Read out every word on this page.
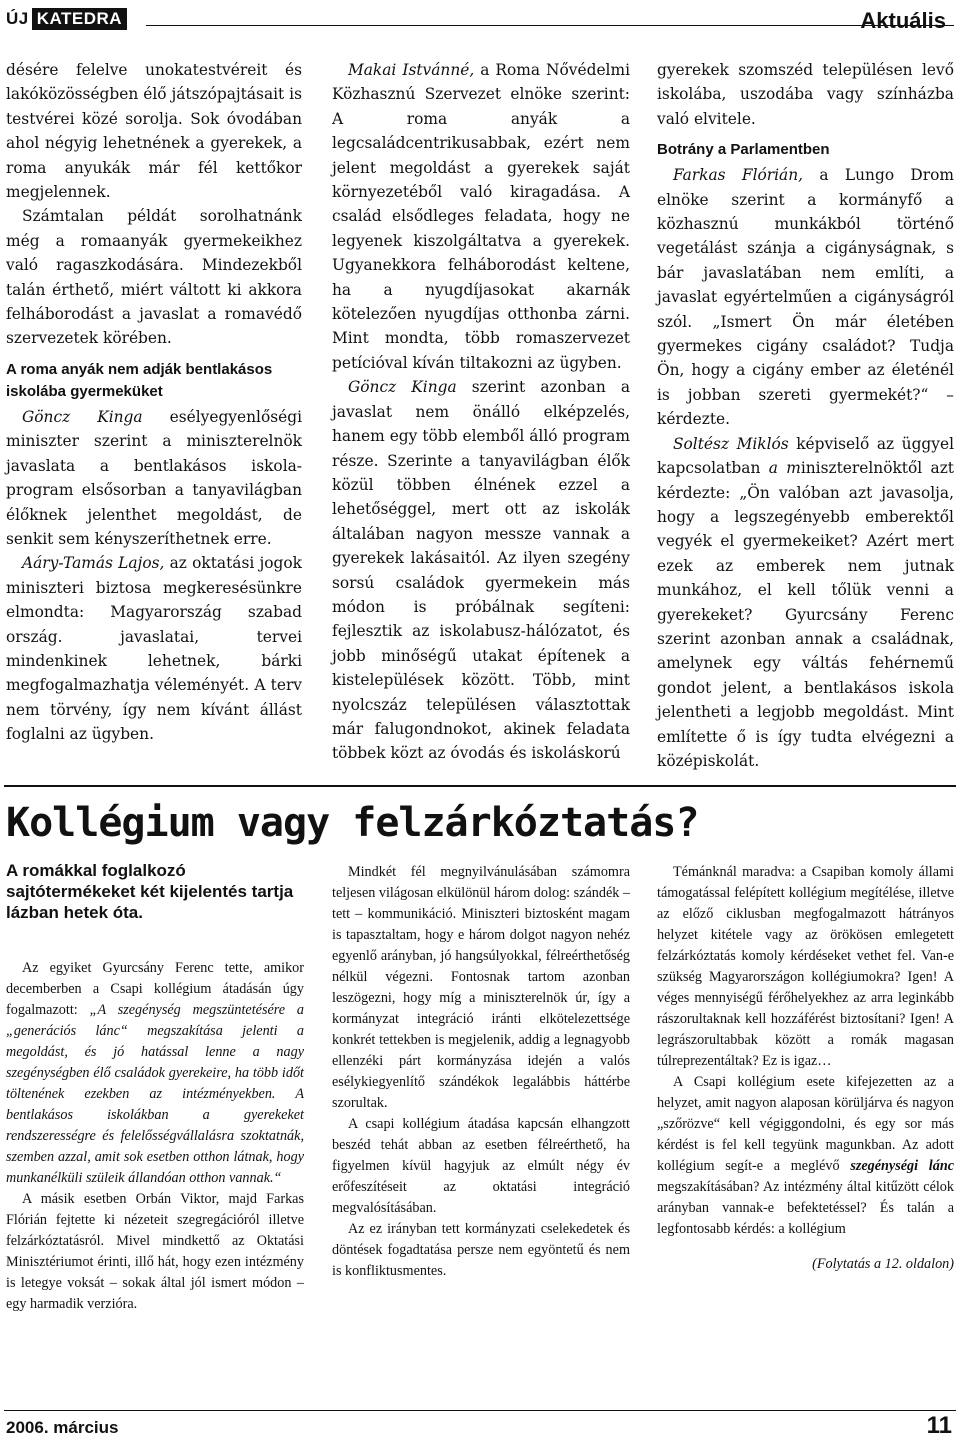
ÚJ KATEDRA	Aktuális

désére felelve unokatestvéreit és lakóközösségben élő játszópajtásait is testvérei közé sorolja. Sok óvodában ahol négyig lehetnének a gyerekek, a roma anyukák már fél kettőkor megjelennek.

Számtalan példát sorolhatnánk még a romaanyák gyermekeikhez való ragaszkodására. Mindezekből talán érthető, miért váltott ki akkora felháborodást a javaslat a romavédő szervezetek körében.

A roma anyák nem adják bentlakásos iskolába gyermeküket

Göncz Kinga esélyegyenlőségi miniszter szerint a miniszterelnök javaslata a bentlakásos iskola-program elsősorban a tanyavilágban élőknek jelenthet megoldást, de senkit sem kényszeríthetnek erre.

Aáry-Tamás Lajos, az oktatási jogok miniszteri biztosa megkeresésünkre elmondta: Magyarország szabad ország. javaslatai, tervei mindenkinek lehetnek, bárki megfogalmazhatja véleményét. A terv nem törvény, így nem kívánt állást foglalni az ügyben.

Makai Istvánné, a Roma Nővédelmi Közhasznú Szervezet elnöke szerint: A roma anyák a legcsaládcentrikusabbak, ezért nem jelent megoldást a gyerekek saját környezetéből való kiragadása. A család elsődleges feladata, hogy ne legyenek kiszolgáltatva a gyerekek. Ugyanekkora felháborodást keltene, ha a nyugdíjasokat akarnák kötelezően nyugdíjas otthonba zárni. Mint mondta, több romaszervezet petícióval kíván tiltakozni az ügyben.

Göncz Kinga szerint azonban a javaslat nem önálló elképzelés, hanem egy több elemből álló program része. Szerinte a tanyavilágban élők közül többen élnének ezzel a lehetőséggel, mert ott az iskolák általában nagyon messze vannak a gyerekek lakásaitól. Az ilyen szegény sorsú családok gyermekein más módon is próbálnak segíteni: fejlesztik az iskolabusz-hálózatot, és jobb minőségű utakat építenek a kistelepülések között. Több, mint nyolcszáz településen választottak már falugondnokot, akinek feladata többek közt az óvodás és iskoláskorú

gyerekek szomszéd településen levő iskolába, uszodába vagy színházba való elvitele.

Botrány a Parlamentben

Farkas Flórián, a Lungo Drom elnöke szerint a kormányfő a közhasznú munkákból történő vegetálást szánja a cigányságnak, s bár javaslatában nem említi, a javaslat egyértelműen a cigányságról szól. „Ismert Ön már életében gyermekes cigány családot? Tudja Ön, hogy a cigány ember az életénél is jobban szereti gyermekét?“ – kérdezte.

Soltész Miklós képviselő az üggyel kapcsolatban a miniszterelnöktől azt kérdezte: „Ön valóban azt javasolja, hogy a legszegényebb emberektől vegyék el gyermekeiket? Azért mert ezek az emberek nem jutnak munkához, el kell tőlük venni a gyerekeket? Gyurcsány Ferenc szerint azonban annak a családnak, amelynek egy váltás fehérnemű gondot jelent, a bentlakásos iskola jelentheti a legjobb megoldást. Mint említette ő is így tudta elvégezni a középiskolát.

Kollégium vagy felzárkóztatás?
A romákkal foglalkozó sajtótermékeket két kijelentés tartja lázban hetek óta.

Az egyiket Gyurcsány Ferenc tette, amikor decemberben a Csapi kollégium átadásán úgy fogalmazott: „A szegénység megszüntetésére a „generációs lánc“ megszakítása jelenti a megoldást, és jó hatással lenne a nagy szegénységben élő családok gyerekeire, ha több időt töltenének ezekben az intézményekben. A bentlakásos iskolákban a gyerekeket rendszerességre és felelősségvállalásra szoktatnák, szemben azzal, amit sok esetben otthon látnak, hogy munkanélküli szüleik állandóan otthon vannak.“

A másik esetben Orbán Viktor, majd Farkas Flórián fejtette ki nézeteit szegregációról illetve felzárkóztatásról. Mivel mindkettő az Oktatási Minisztériumot érinti, illő hát, hogy ezen intézmény is letegye voksát – sokak által jól ismert módon – egy harmadik verzióra.

Mindkét fél megnyilvánulásában számomra teljesen világosan elkülönül három dolog: szándék – tett – kommunikáció. Miniszteri biztosként magam is tapasztaltam, hogy e három dolgot nagyon nehéz egyenlő arányban, jó hangsúlyokkal, félreérthetőség nélkül végezni. Fontosnak tartom azonban leszögezni, hogy míg a miniszterelnök úr, így a kormányzat integráció iránti elkötelezettsége konkrét tettekben is megjelenik, addig a legnagyobb ellenzéki párt kormányzása idején a valós esélykiegyenlítő szándékok legalábbis háttérbe szorultak.

A csapi kollégium átadása kapcsán elhangzott beszéd tehát abban az esetben félreérthető, ha figyelmen kívül hagyjuk az elmúlt négy év erőfeszítéseit az oktatási integráció megvalósításában.

Az ez irányban tett kormányzati cselekedetek és döntések fogadtatása persze nem egyöntetű és nem is konfliktusmentes.

Témánknál maradva: a Csapiban komoly állami támogatással felépített kollégium megítélése, illetve az előző ciklusban megfogalmazott hátrányos helyzet kitétele vagy az örökösen emlegetett felzárkóztatás komoly kérdéseket vethet fel. Van-e szükség Magyarországon kollégiumokra? Igen! A véges mennyiségű férőhelyekhez az arra leginkább rászorultaknak kell hozzáférést biztosítani? Igen! A legrászorultabbak között a romák magasan túlreprezentáltak? Ez is igaz…

A Csapi kollégium esete kifejezetten az a helyzet, amit nagyon alaposan körüljárva és nagyon „szőrözve“ kell végiggondolni, és egy sor más kérdést is fel kell tegyünk magunkban. Az adott kollégium segít-e a meglévő szegénységi lánc megszakításában? Az intézmény által kitűzött célok arányban vannak-e befektetéssel? És talán a legfontosabb kérdés: a kollégium

(Folytatás a 12. oldalon)

2006. március	11
